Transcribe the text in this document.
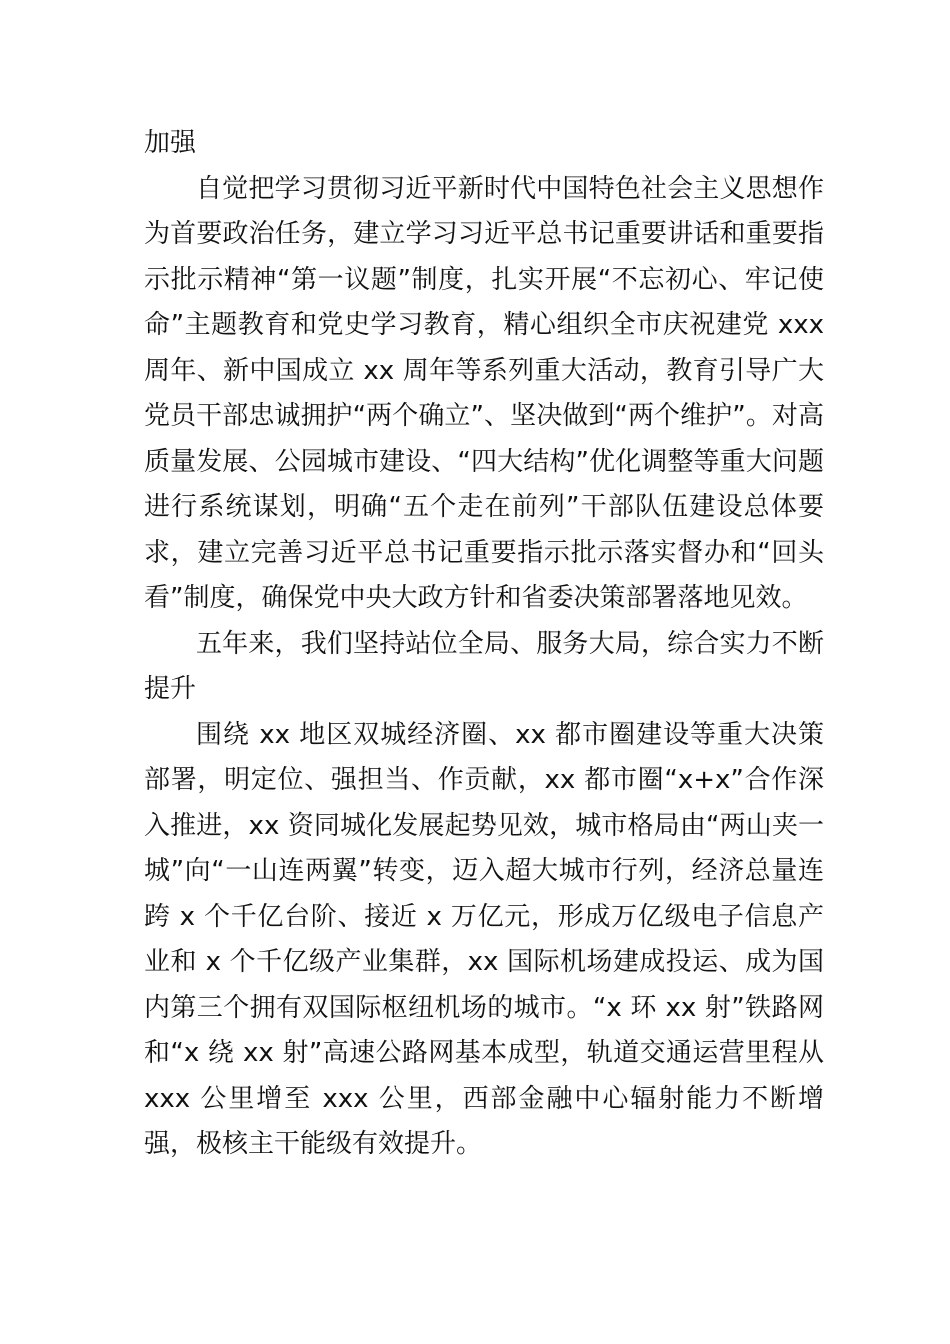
加强

自觉把学习贯彻习近平新时代中国特色社会主义思想作为首要政治任务，建立学习习近平总书记重要讲话和重要指示批示精神“第一议题”制度，扎实开展“不忘初心、牢记使命”主题教育和党史学习教育，精心组织全市庆祝建党 xxx 周年、新中国成立 xx 周年等系列重大活动，教育引导广大党员干部忠诚拥护“两个确立”、坚决做到“两个维护”。对高质量发展、公园城市建设、“四大结构”优化调整等重大问题进行系统谋划，明确“五个走在前列”干部队伍建设总体要求，建立完善习近平总书记重要指示批示落实督办和“回头看”制度，确保党中央大政方针和省委决策部署落地见效。

五年来，我们坚持站位全局、服务大局，综合实力不断提升

围绕 xx 地区双城经济圈、xx 都市圈建设等重大决策部署，明定位、强担当、作贡献，xx 都市圈“x+x”合作深入推进，xx 资同城化发展起势见效，城市格局由“两山夹一城”向“一山连两翼”转变，迈入超大城市行列，经济总量连跨 x 个千亿台阶、接近 x 万亿元，形成万亿级电子信息产业和 x 个千亿级产业集群，xx 国际机场建成投运、成为国内第三个拥有双国际枢纽机场的城市。“x 环 xx 射”铁路网和“x 绕 xx 射”高速公路网基本成型，轨道交通运营里程从 xxx 公里增至 xxx 公里，西部金融中心辐射能力不断增强，极核主干能级有效提升。
